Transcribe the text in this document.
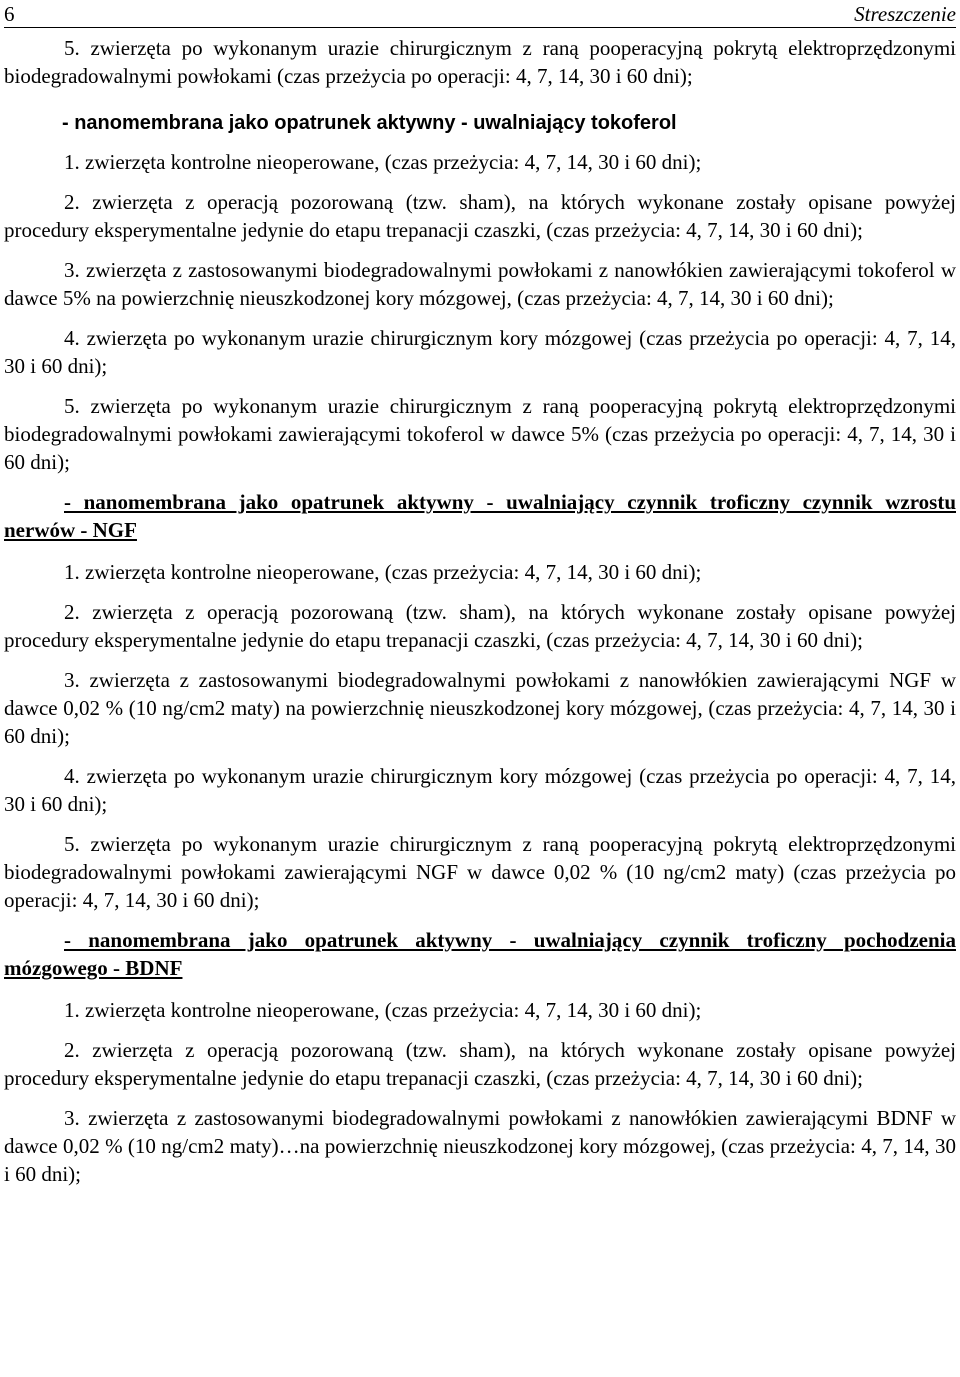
6	Streszczenie

5. zwierzęta po wykonanym urazie chirurgicznym z raną pooperacyjną pokrytą elektroprzędzonymi biodegradowalnymi powłokami (czas przeżycia po operacji: 4, 7, 14, 30 i 60 dni);

- nanomembrana jako opatrunek aktywny - uwalniający tokoferol

1. zwierzęta kontrolne nieoperowane, (czas przeżycia: 4, 7, 14, 30 i 60 dni);

2. zwierzęta z operacją pozorowaną (tzw. sham), na których wykonane zostały opisane powyżej procedury eksperymentalne jedynie do etapu trepanacji czaszki, (czas przeżycia: 4, 7, 14, 30 i 60 dni);

3. zwierzęta z zastosowanymi biodegradowalnymi powłokami z nanowłókien zawierającymi tokoferol w dawce 5% na powierzchnię nieuszkodzonej kory mózgowej, (czas przeżycia: 4, 7, 14, 30 i 60 dni);

4. zwierzęta po wykonanym urazie chirurgicznym kory mózgowej (czas przeżycia po operacji: 4, 7, 14, 30 i 60 dni);

5. zwierzęta po wykonanym urazie chirurgicznym z raną pooperacyjną pokrytą elektroprzędzonymi biodegradowalnymi powłokami zawierającymi tokoferol w dawce 5% (czas przeżycia po operacji: 4, 7, 14, 30 i 60 dni);

- nanomembrana jako opatrunek aktywny - uwalniający czynnik troficzny czynnik wzrostu nerwów - NGF

1. zwierzęta kontrolne nieoperowane, (czas przeżycia: 4, 7, 14, 30 i 60 dni);

2. zwierzęta z operacją pozorowaną (tzw. sham), na których wykonane zostały opisane powyżej procedury eksperymentalne jedynie do etapu trepanacji czaszki, (czas przeżycia: 4, 7, 14, 30 i 60 dni);

3. zwierzęta z zastosowanymi biodegradowalnymi powłokami z nanowłókien zawierającymi NGF w dawce 0,02 % (10 ng/cm2 maty) na powierzchnię nieuszkodzonej kory mózgowej, (czas przeżycia: 4, 7, 14, 30 i 60 dni);

4. zwierzęta po wykonanym urazie chirurgicznym kory mózgowej (czas przeżycia po operacji: 4, 7, 14, 30 i 60 dni);

5. zwierzęta po wykonanym urazie chirurgicznym z raną pooperacyjną pokrytą elektroprzędzonymi biodegradowalnymi powłokami zawierającymi NGF w dawce 0,02 % (10 ng/cm2 maty) (czas przeżycia po operacji: 4, 7, 14, 30 i 60 dni);

- nanomembrana jako opatrunek aktywny - uwalniający czynnik troficzny pochodzenia mózgowego - BDNF

1. zwierzęta kontrolne nieoperowane, (czas przeżycia: 4, 7, 14, 30 i 60 dni);

2. zwierzęta z operacją pozorowaną (tzw. sham), na których wykonane zostały opisane powyżej procedury eksperymentalne jedynie do etapu trepanacji czaszki, (czas przeżycia: 4, 7, 14, 30 i 60 dni);

3. zwierzęta z zastosowanymi biodegradowalnymi powłokami z nanowłókien zawierającymi BDNF w dawce 0,02 % (10 ng/cm2 maty)…na powierzchnię nieuszkodzonej kory mózgowej, (czas przeżycia: 4, 7, 14, 30 i 60 dni);
